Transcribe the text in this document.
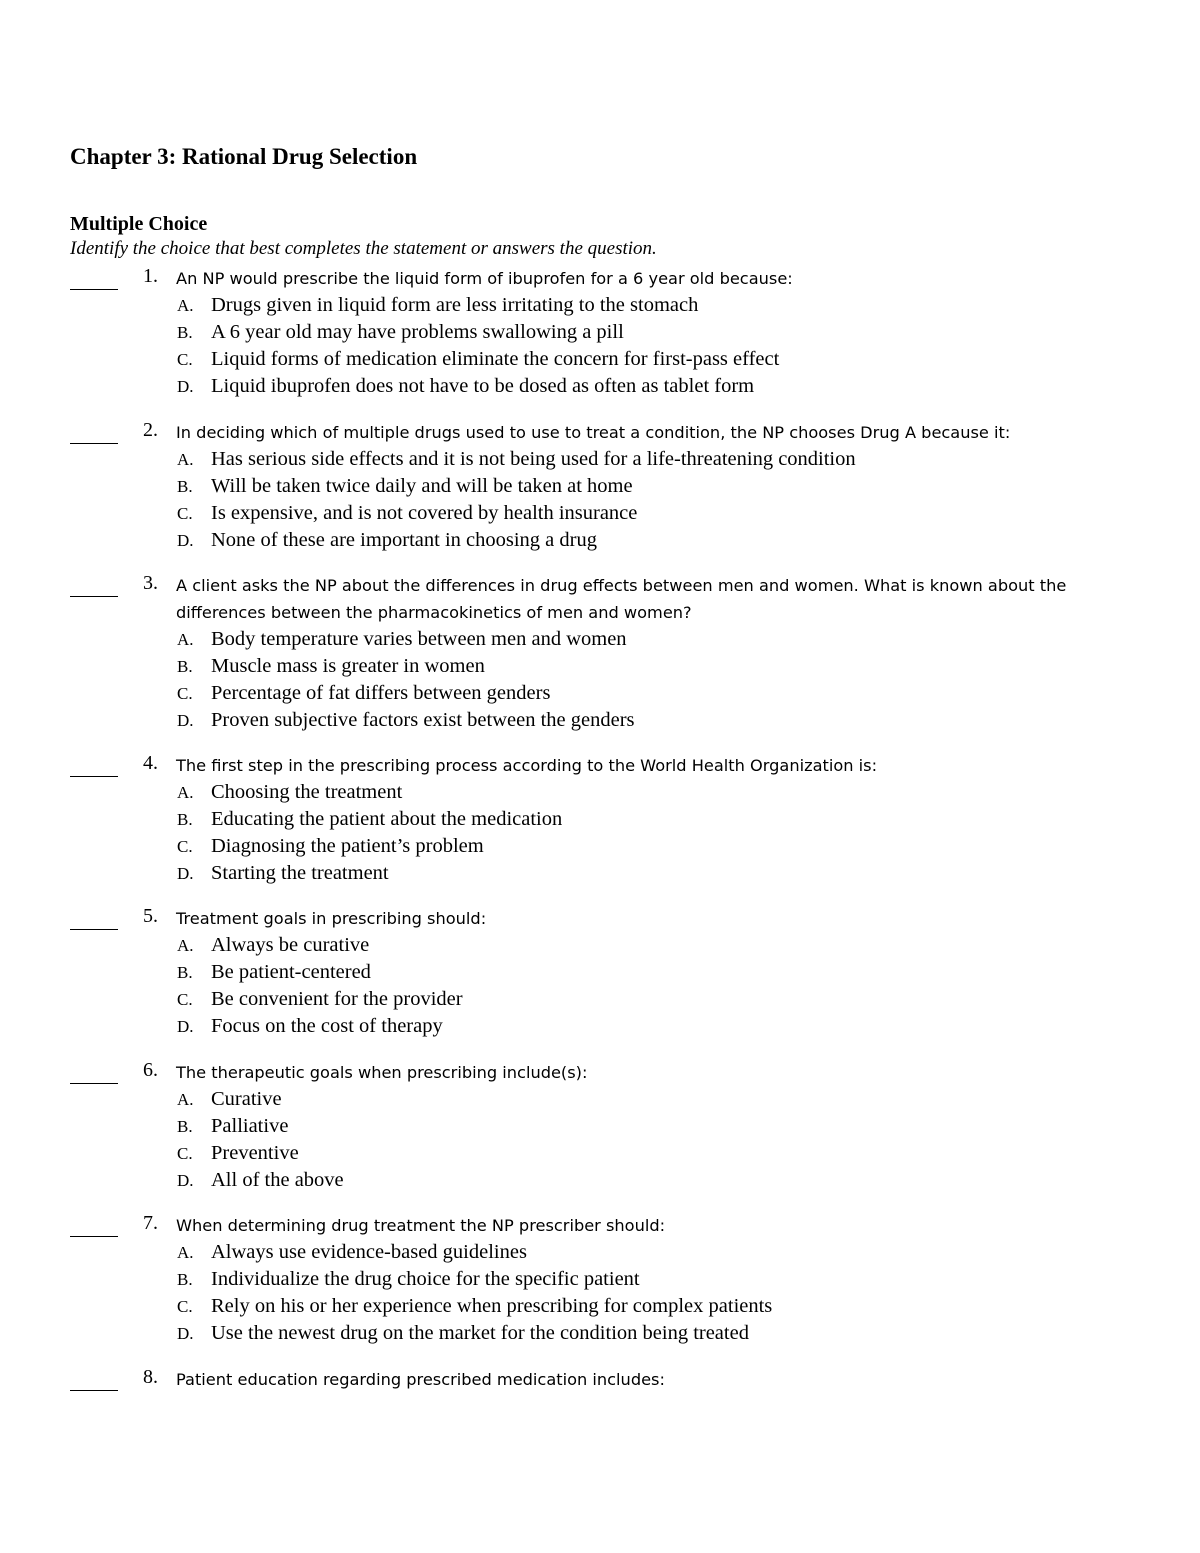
Chapter 3: Rational Drug Selection
Multiple Choice
Identify the choice that best completes the statement or answers the question.
1. An NP would prescribe the liquid form of ibuprofen for a 6 year old because:
A. Drugs given in liquid form are less irritating to the stomach
B. A 6 year old may have problems swallowing a pill
C. Liquid forms of medication eliminate the concern for first-pass effect
D. Liquid ibuprofen does not have to be dosed as often as tablet form
2. In deciding which of multiple drugs used to use to treat a condition, the NP chooses Drug A because it:
A. Has serious side effects and it is not being used for a life-threatening condition
B. Will be taken twice daily and will be taken at home
C. Is expensive, and is not covered by health insurance
D. None of these are important in choosing a drug
3. A client asks the NP about the differences in drug effects between men and women. What is known about the differences between the pharmacokinetics of men and women?
A. Body temperature varies between men and women
B. Muscle mass is greater in women
C. Percentage of fat differs between genders
D. Proven subjective factors exist between the genders
4. The first step in the prescribing process according to the World Health Organization is:
A. Choosing the treatment
B. Educating the patient about the medication
C. Diagnosing the patient’s problem
D. Starting the treatment
5. Treatment goals in prescribing should:
A. Always be curative
B. Be patient-centered
C. Be convenient for the provider
D. Focus on the cost of therapy
6. The therapeutic goals when prescribing include(s):
A. Curative
B. Palliative
C. Preventive
D. All of the above
7. When determining drug treatment the NP prescriber should:
A. Always use evidence-based guidelines
B. Individualize the drug choice for the specific patient
C. Rely on his or her experience when prescribing for complex patients
D. Use the newest drug on the market for the condition being treated
8. Patient education regarding prescribed medication includes:
